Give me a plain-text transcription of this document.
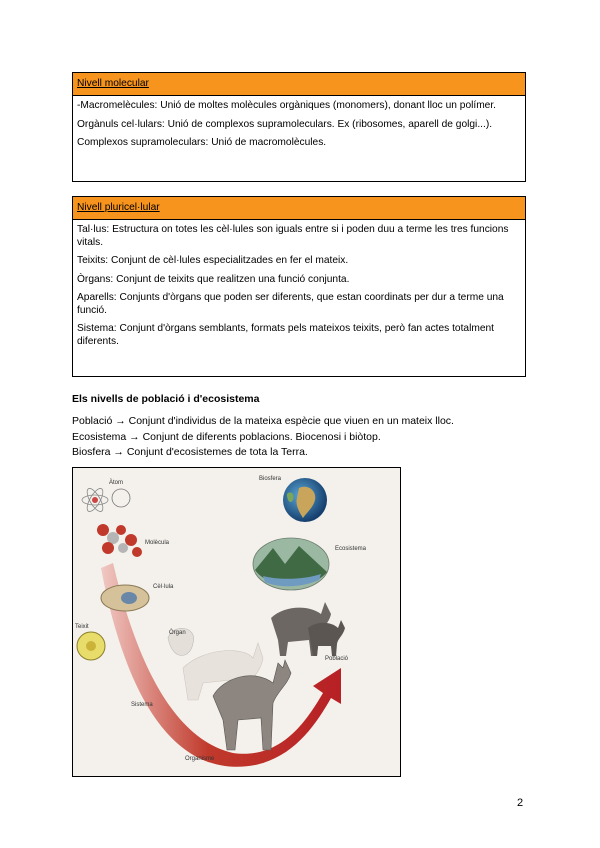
Nivell molecular

-Macromelècules: Unió de moltes molècules orgàniques (monomers), donant lloc un polímer.

Orgànuls cel·lulars: Unió de complexos supramoleculars. Ex (ribosomes, aparell de golgi...).

Complexos supramoleculars: Unió de macromolècules.

Nivell pluricel·lular

Tal·lus: Estructura on totes les cèl·lules son iguals entre si i poden duu a terme les tres funcions vitals.

Teixits: Conjunt de cèl·lules especialitzades en fer el mateix.

Òrgans: Conjunt de teixits que realitzen una funció conjunta.

Aparells: Conjunts d'òrgans que poden ser diferents, que estan coordinats per dur a terme una funció.

Sistema: Conjunt d'òrgans semblants, formats pels mateixos teixits, però fan actes totalment diferents.

Els nivells de població i d'ecosistema
Població → Conjunt d'individus de la mateixa espècie que viuen en un mateix lloc.
Ecosistema → Conjunt de diferents poblacions. Biocenosi i biòtop.
Biosfera → Conjunt d'ecosistemes de tota la Terra.
Àtom
Molècula
Cèl·lula
Teixit
Òrgan
Sistema
Organisme
Població
Ecosistema
Biosfera
2
